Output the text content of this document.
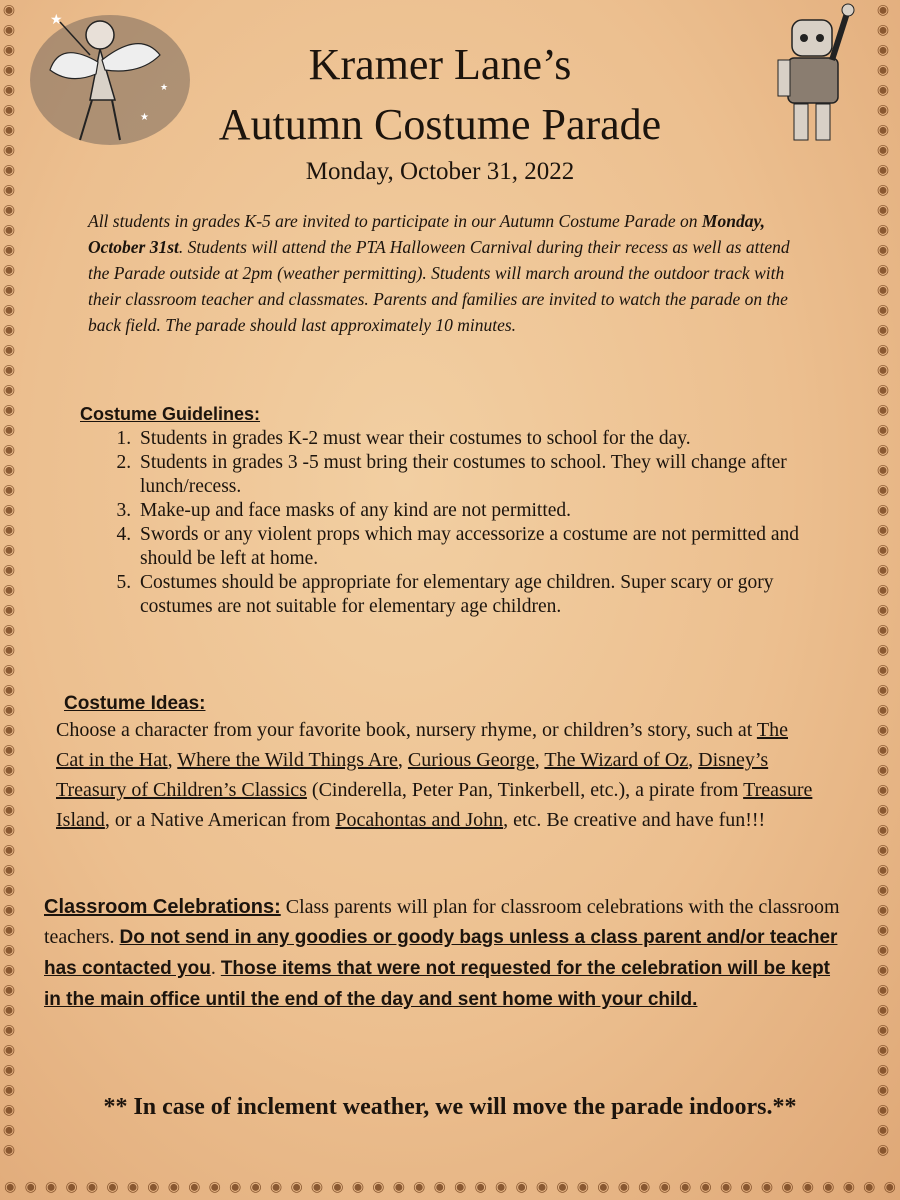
◉
◉
◉
◉
◉
◉
◉
◉
◉
◉
◉
◉
◉
◉
◉
◉
◉
◉
◉
◉
◉
◉
◉
◉
◉
◉
◉
◉
◉
◉
◉
◉
◉
◉
◉
◉
◉
◉
◉
◉
◉
◉
◉
◉
◉
◉
◉
◉
◉
◉
◉
◉
◉
◉
◉
◉
◉
◉
◉
◉
◉
◉
◉
◉
◉
◉
◉
◉
◉
◉
◉
◉
◉
◉
◉
◉
◉
◉
◉
◉
◉
◉
◉
◉
◉
◉
◉
◉
◉
◉
◉
◉
◉
◉
◉
◉
◉
◉
◉
◉
◉
◉
◉
◉
◉
◉
◉
◉
◉
◉
◉
◉
◉
◉
◉
◉
◉ ◉ ◉ ◉ ◉ ◉ ◉ ◉ ◉ ◉ ◉ ◉ ◉ ◉ ◉ ◉ ◉ ◉ ◉ ◉ ◉ ◉ ◉ ◉ ◉ ◉ ◉ ◉ ◉ ◉ ◉ ◉ ◉ ◉ ◉ ◉ ◉ ◉ ◉ ◉ ◉ ◉ ◉ ◉
★
★
★	Kramer Lane’s
Autumn Costume Parade
Monday, October 31, 2022

All students in grades K-5 are invited to participate in our Autumn Costume Parade on Monday, October 31st. Students will attend the PTA Halloween Carnival during their recess as well as attend the Parade outside at 2pm (weather permitting). Students will march around the outdoor track with their classroom teacher and classmates. Parents and families are invited to watch the parade on the back field. The parade should last approximately 10 minutes.

Costume Guidelines:
1. Students in grades K-2 must wear their costumes to school for the day.
2. Students in grades 3 -5 must bring their costumes to school. They will change after lunch/recess.
3. Make-up and face masks of any kind are not permitted.
4. Swords or any violent props which may accessorize a costume are not permitted and should be left at home.
5. Costumes should be appropriate for elementary age children. Super scary or gory costumes are not suitable for elementary age children.
Costume Ideas:

Choose a character from your favorite book, nursery rhyme, or children’s story, such at The Cat in the Hat, Where the Wild Things Are, Curious George, The Wizard of Oz, Disney’s Treasury of Children’s Classics (Cinderella, Peter Pan, Tinkerbell, etc.), a pirate from Treasure Island, or a Native American from Pocahontas and John, etc. Be creative and have fun!!!

Classroom Celebrations: Class parents will plan for classroom celebrations with the classroom teachers. Do not send in any goodies or goody bags unless a class parent and/or teacher has contacted you. Those items that were not requested for the celebration will be kept in the main office until the end of the day and sent home with your child.

** In case of inclement weather, we will move the parade indoors.**
